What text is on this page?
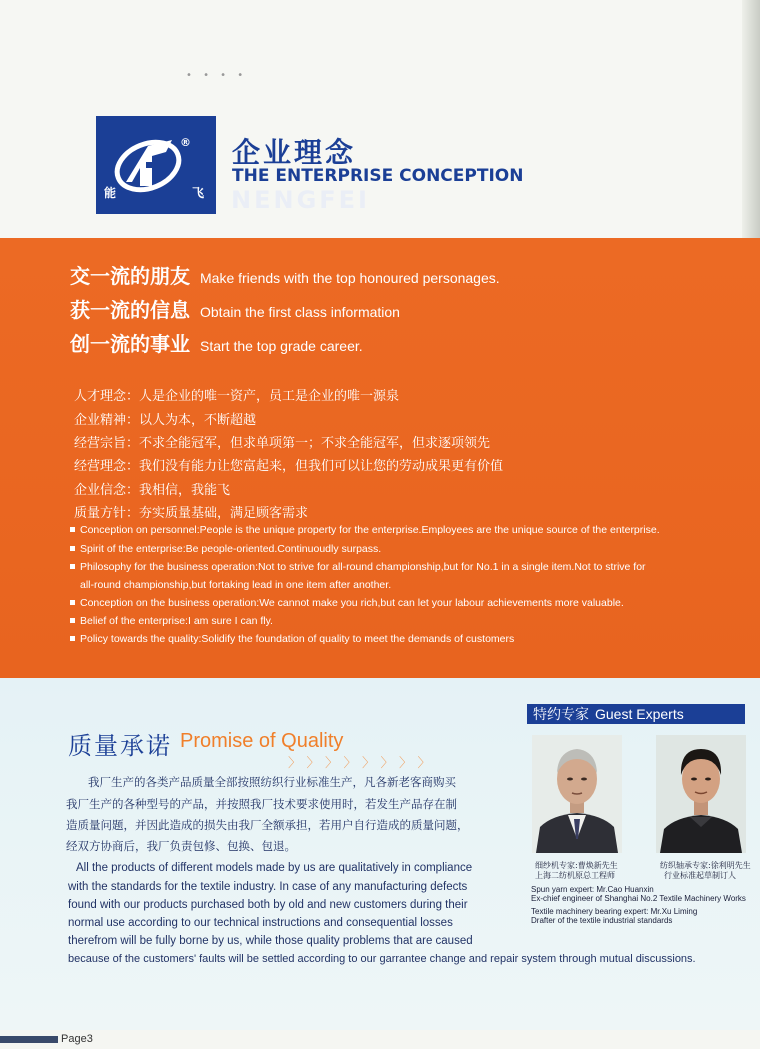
• • • •
®
能	飞
企业理念
THE ENTERPRISE CONCEPTION
NENGFEI
交一流的朋友 Make friends with the top honoured personages.
获一流的信息 Obtain the first class information
创一流的事业 Start the top grade career.
人才理念：人是企业的唯一资产，员工是企业的唯一源泉
企业精神：以人为本，不断超越
经营宗旨：不求全能冠军，但求单项第一；不求全能冠军，但求逐项领先
经营理念：我们没有能力让您富起来，但我们可以让您的劳动成果更有价值
企业信念：我相信，我能飞
质量方针：夯实质量基础，满足顾客需求
Conception on personnel:People is the unique property for the enterprise.Employees are the unique source of the enterprise.
Spirit of the enterprise:Be people-oriented.Continuoudly surpass.
Philosophy for the business operation:Not to strive for all-round championship,but for No.1 in a single item.Not to strive for
all-round championship,but fortaking lead in one item after another.
Conception on the business operation:We cannot make you rich,but can let your labour achievements more valuable.
Belief of the enterprise:I am sure I can fly.
Policy towards the quality:Solidify the foundation of quality to meet the demands of customers
质量承诺 Promise of Quality
〉〉〉〉〉〉〉〉
我厂生产的各类产品质量全部按照纺织行业标准生产，凡各新老客商购买
我厂生产的各种型号的产品，并按照我厂技术要求使用时，若发生产品存在制
造质量问题，并因此造成的损失由我厂全额承担，若用户自行造成的质量问题，
经双方协商后，我厂负责包修、包换、包退。
All the products of different models made by us are qualitatively in compliance
with the standards for the textile industry. In case of any manufacturing defects
found with our products purchased both by old and new customers during their
normal use according to our technical instructions and consequential losses
therefrom will be fully borne by us, while those quality problems that are caused
because of the customers' faults will be settled according to our garrantee change and repair system through mutual discussions.
特约专家 Guest Experts
细纱机专家:曹焕新先生
上海二纺机原总工程师
纺织轴承专家:徐利明先生
行业标准起草制订人
Spun yarn expert: Mr.Cao Huanxin
Ex-chief engineer of Shanghai No.2 Textile Machinery Works
Textile machinery bearing expert: Mr.Xu Liming
Drafter of the textile industrial standards
Page3
